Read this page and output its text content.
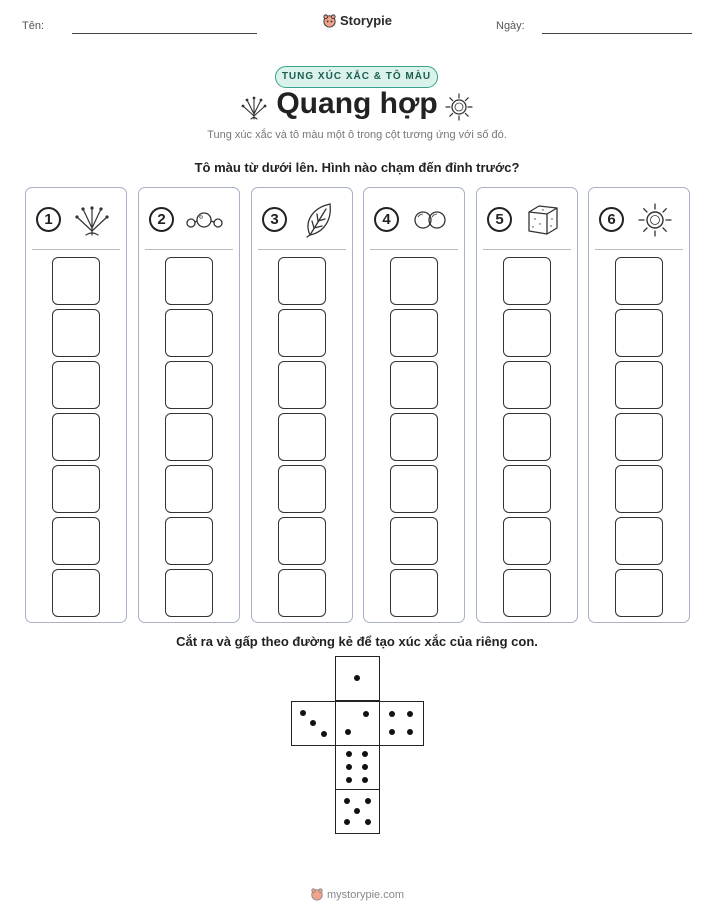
Tên:	Storypie	Ngày:
TUNG XÚC XẮC & TÔ MÀU
Quang hợp
Tung xúc xắc và tô màu một ô trong cột tương ứng với số đó.
Tô màu từ dưới lên. Hình nào chạm đến đỉnh trước?
1	2	3	4	5	6
Cắt ra và gấp theo đường kẻ để tạo xúc xắc của riêng con.
mystorypie.com
